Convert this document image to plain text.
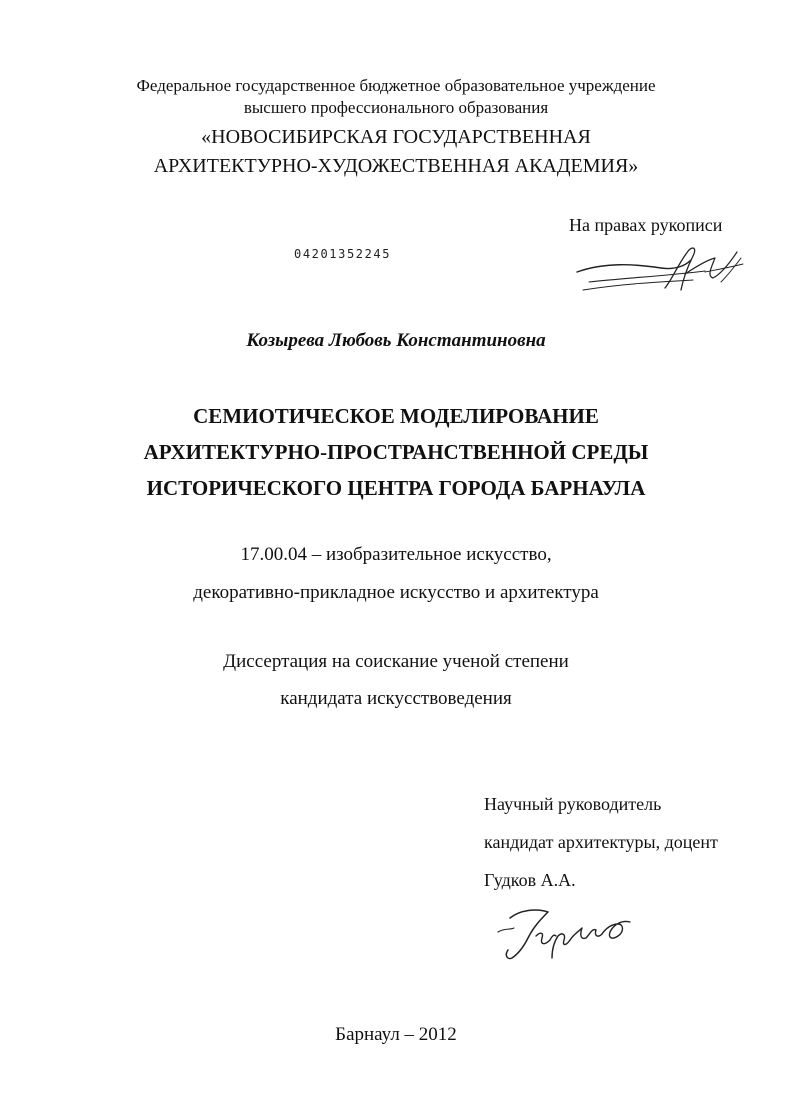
Федеральное государственное бюджетное образовательное учреждение
высшего профессионального образования
«НОВОСИБИРСКАЯ ГОСУДАРСТВЕННАЯ
АРХИТЕКТУРНО-ХУДОЖЕСТВЕННАЯ АКАДЕМИЯ»
На правах рукописи
04201352245
Козырева Любовь Константиновна
СЕМИОТИЧЕСКОЕ МОДЕЛИРОВАНИЕ
АРХИТЕКТУРНО-ПРОСТРАНСТВЕННОЙ СРЕДЫ
ИСТОРИЧЕСКОГО ЦЕНТРА ГОРОДА БАРНАУЛА
17.00.04 – изобразительное искусство,
декоративно-прикладное искусство и архитектура
Диссертация на соискание ученой степени
кандидата искусствоведения
Научный руководитель
кандидат архитектуры, доцент
Гудков А.А.
Барнаул – 2012
